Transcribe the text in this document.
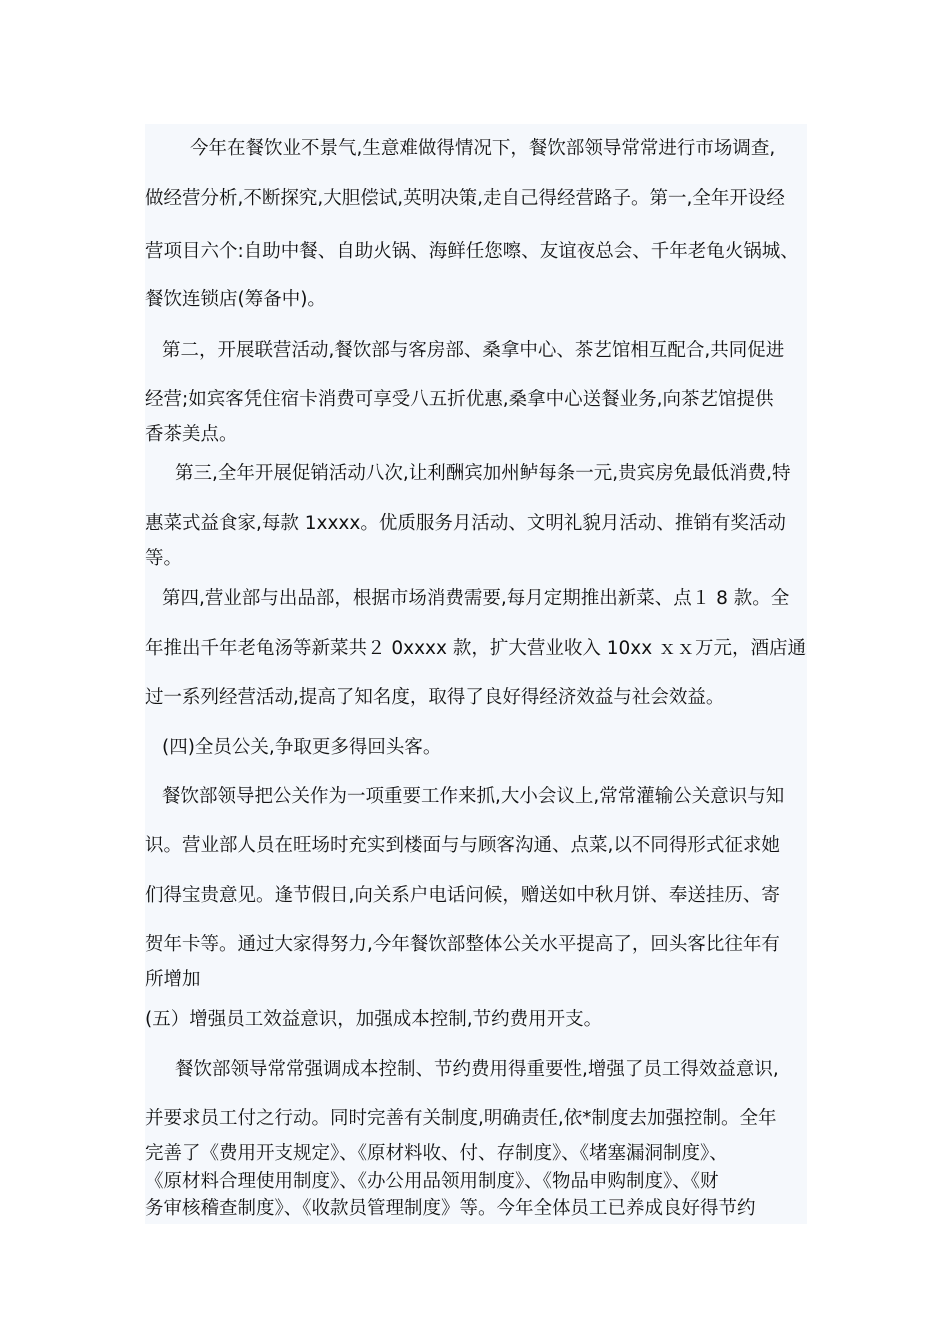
今年在餐饮业不景气,生意难做得情况下，餐饮部领导常常进行市场调查,
做经营分析,不断探究,大胆偿试,英明决策,走自己得经营路子。第一,全年开设经
营项目六个:自助中餐、自助火锅、海鲜任您嚓、友谊夜总会、千年老龟火锅城、
餐饮连锁店(筹备中)。
第二，开展联营活动,餐饮部与客房部、桑拿中心、茶艺馆相互配合,共同促进
经营;如宾客凭住宿卡消费可享受八五折优惠,桑拿中心送餐业务,向茶艺馆提供
香茶美点。
第三,全年开展促销活动八次,让利酬宾加州鲈每条一元,贵宾房免最低消费,特
惠菜式益食家,每款 1xxxx。优质服务月活动、文明礼貌月活动、推销有奖活动
等。
第四,营业部与出品部，根据市场消费需要,每月定期推出新菜、点１ 8 款。全
年推出千年老龟汤等新菜共２ 0xxxx 款，扩大营业收入 10xx ｘｘ万元，酒店通
过一系列经营活动,提高了知名度，取得了良好得经济效益与社会效益。
(四)全员公关,争取更多得回头客。
餐饮部领导把公关作为一项重要工作来抓,大小会议上,常常灌输公关意识与知
识。营业部人员在旺场时充实到楼面与与顾客沟通、点菜,以不同得形式征求她
们得宝贵意见。逢节假日,向关系户电话问候，赠送如中秋月饼、奉送挂历、寄
贺年卡等。通过大家得努力,今年餐饮部整体公关水平提高了，回头客比往年有
所增加
(五）增强员工效益意识，加强成本控制,节约费用开支。
餐饮部领导常常强调成本控制、节约费用得重要性,增强了员工得效益意识,
并要求员工付之行动。同时完善有关制度,明确责任,依*制度去加强控制。全年
完善了《费用开支规定》、《原材料收、付、存制度》、《堵塞漏洞制度》、
《原材料合理使用制度》、《办公用品领用制度》、《物品申购制度》、《财
务审核稽查制度》、《收款员管理制度》等。今年全体员工已养成良好得节约
